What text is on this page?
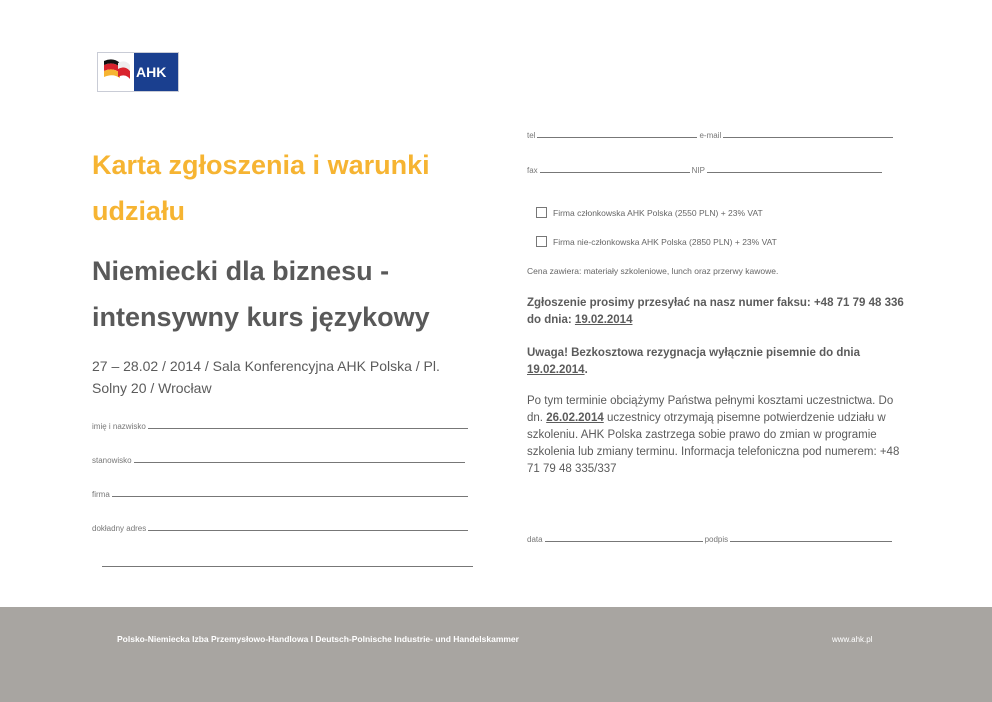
AHK
Karta zgłoszenia i warunki udziału
Niemiecki dla biznesu - intensywny kurs językowy
27 – 28.02 / 2014 / Sala Konferencyjna AHK Polska / Pl. Solny 20 / Wrocław
imię i nazwisko
stanowisko
firma
dokładny adres
tel	e-mail
fax	NIP
Firma członkowska AHK Polska (2550 PLN) + 23% VAT
Firma nie-członkowska AHK Polska (2850 PLN) + 23% VAT
Cena zawiera: materiały szkoleniowe, lunch oraz przerwy kawowe.
Zgłoszenie prosimy przesyłać na nasz numer faksu: +48 71 79 48 336 do dnia: 19.02.2014
Uwaga! Bezkosztowa rezygnacja wyłącznie pisemnie do dnia 19.02.2014.
Po tym terminie obciążymy Państwa pełnymi kosztami uczestnictwa. Do dn. 26.02.2014 uczestnicy otrzymają pisemne potwierdzenie udziału w szkoleniu. AHK Polska zastrzega sobie prawo do zmian w programie szkolenia lub zmiany terminu. Informacja telefoniczna pod numerem: +48 71 79 48 335/337
data	podpis
Polsko-Niemiecka Izba Przemysłowo-Handlowa I Deutsch-Polnische Industrie- und Handelskammer	www.ahk.pl
